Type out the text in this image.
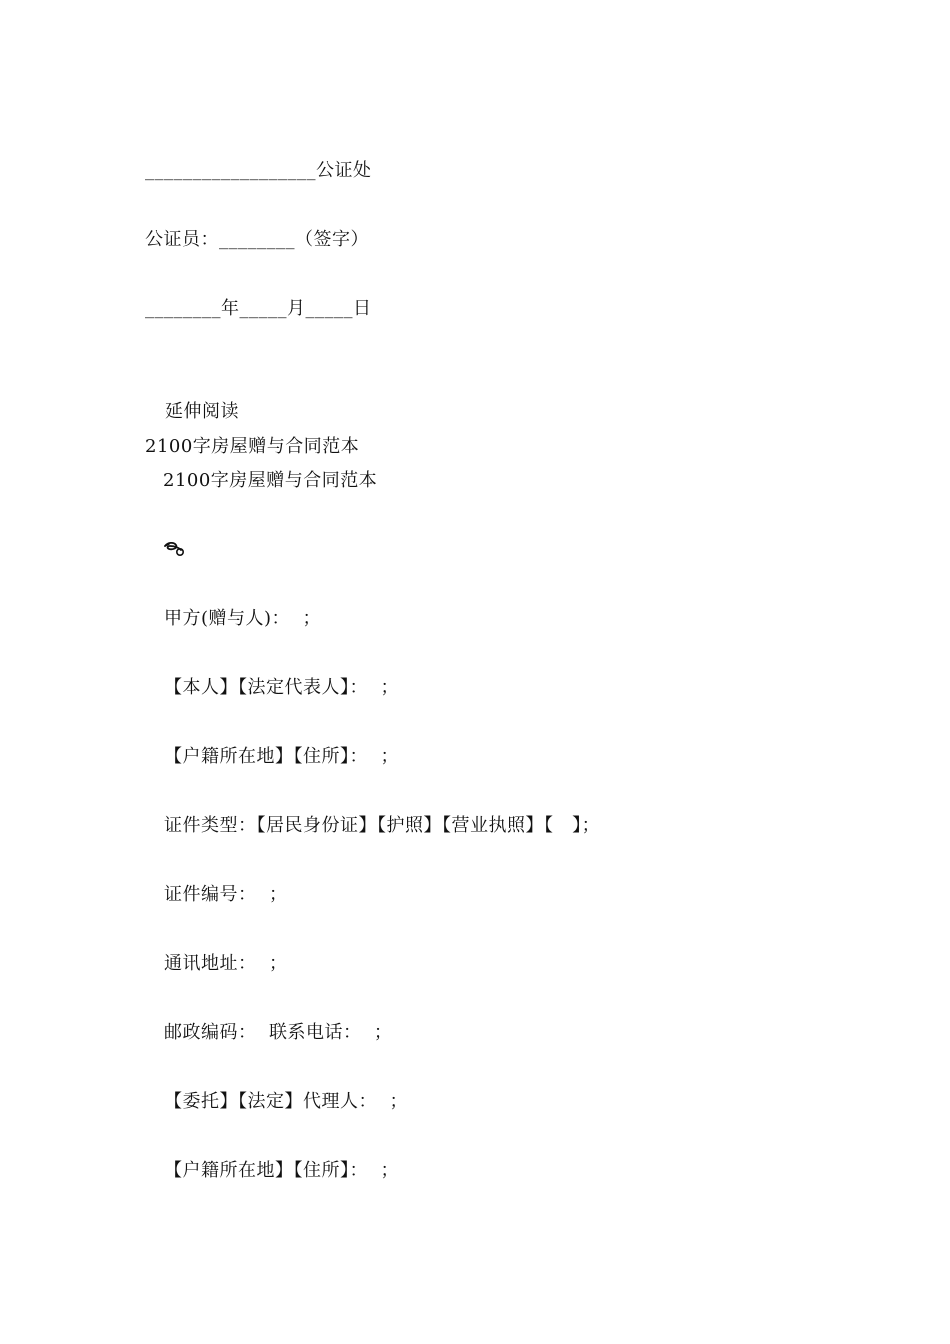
__________________公证处
公证员：________（签字）
________年_____月_____日
延伸阅读
2100字房屋赠与合同范本
2100字房屋赠与合同范本
甲方(赠与人)：  ；
【本人】【法定代表人】：  ；
【户籍所在地】【住所】：  ；
证件类型：【居民身份证】【护照】【营业执照】【   】；
证件编号：  ；
通讯地址：  ；
邮政编码：  联系电话：  ；
【委托】【法定】代理人：  ；
【户籍所在地】【住所】：  ；
